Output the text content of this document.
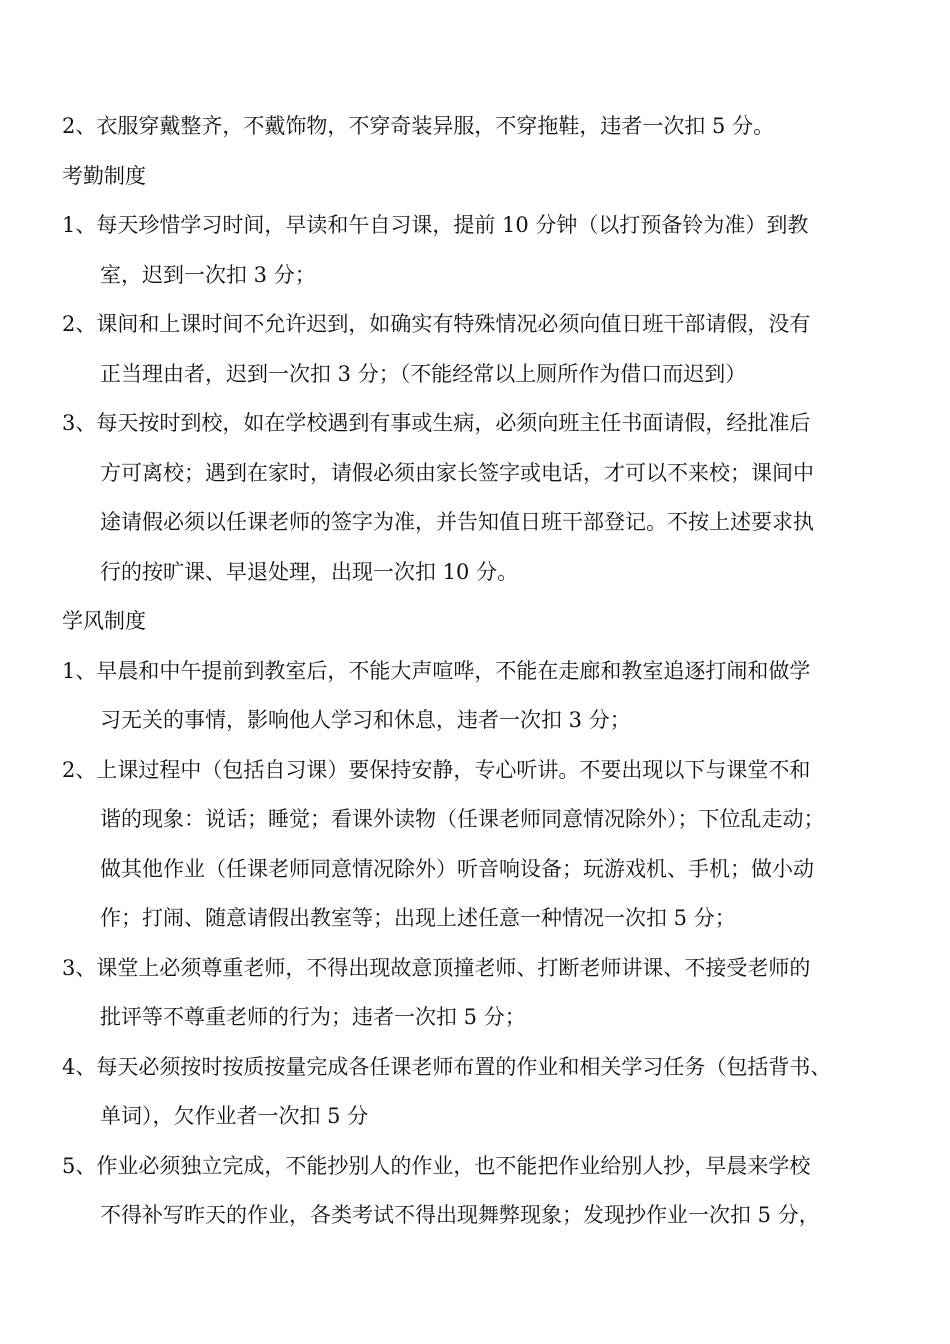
2、衣服穿戴整齐，不戴饰物，不穿奇装异服，不穿拖鞋，违者一次扣 5 分。
考勤制度
1、每天珍惜学习时间，早读和午自习课，提前 10 分钟（以打预备铃为准）到教
室，迟到一次扣 3 分；
2、课间和上课时间不允许迟到，如确实有特殊情况必须向值日班干部请假，没有
正当理由者，迟到一次扣 3 分；（不能经常以上厕所作为借口而迟到）
3、每天按时到校，如在学校遇到有事或生病，必须向班主任书面请假，经批准后
方可离校；遇到在家时，请假必须由家长签字或电话，才可以不来校；课间中
途请假必须以任课老师的签字为准，并告知值日班干部登记。不按上述要求执
行的按旷课、早退处理，出现一次扣 10 分。
学风制度
1、早晨和中午提前到教室后，不能大声喧哗，不能在走廊和教室追逐打闹和做学
习无关的事情，影响他人学习和休息，违者一次扣 3 分；
2、上课过程中（包括自习课）要保持安静，专心听讲。不要出现以下与课堂不和
谐的现象：说话；睡觉；看课外读物（任课老师同意情况除外）；下位乱走动；
做其他作业（任课老师同意情况除外）听音响设备；玩游戏机、手机；做小动
作；打闹、随意请假出教室等；出现上述任意一种情况一次扣 5 分；
3、课堂上必须尊重老师，不得出现故意顶撞老师、打断老师讲课、不接受老师的
批评等不尊重老师的行为；违者一次扣 5 分；
4、每天必须按时按质按量完成各任课老师布置的作业和相关学习任务（包括背书、
单词），欠作业者一次扣 5 分
5、作业必须独立完成，不能抄别人的作业，也不能把作业给别人抄，早晨来学校
不得补写昨天的作业，各类考试不得出现舞弊现象；发现抄作业一次扣 5 分，
